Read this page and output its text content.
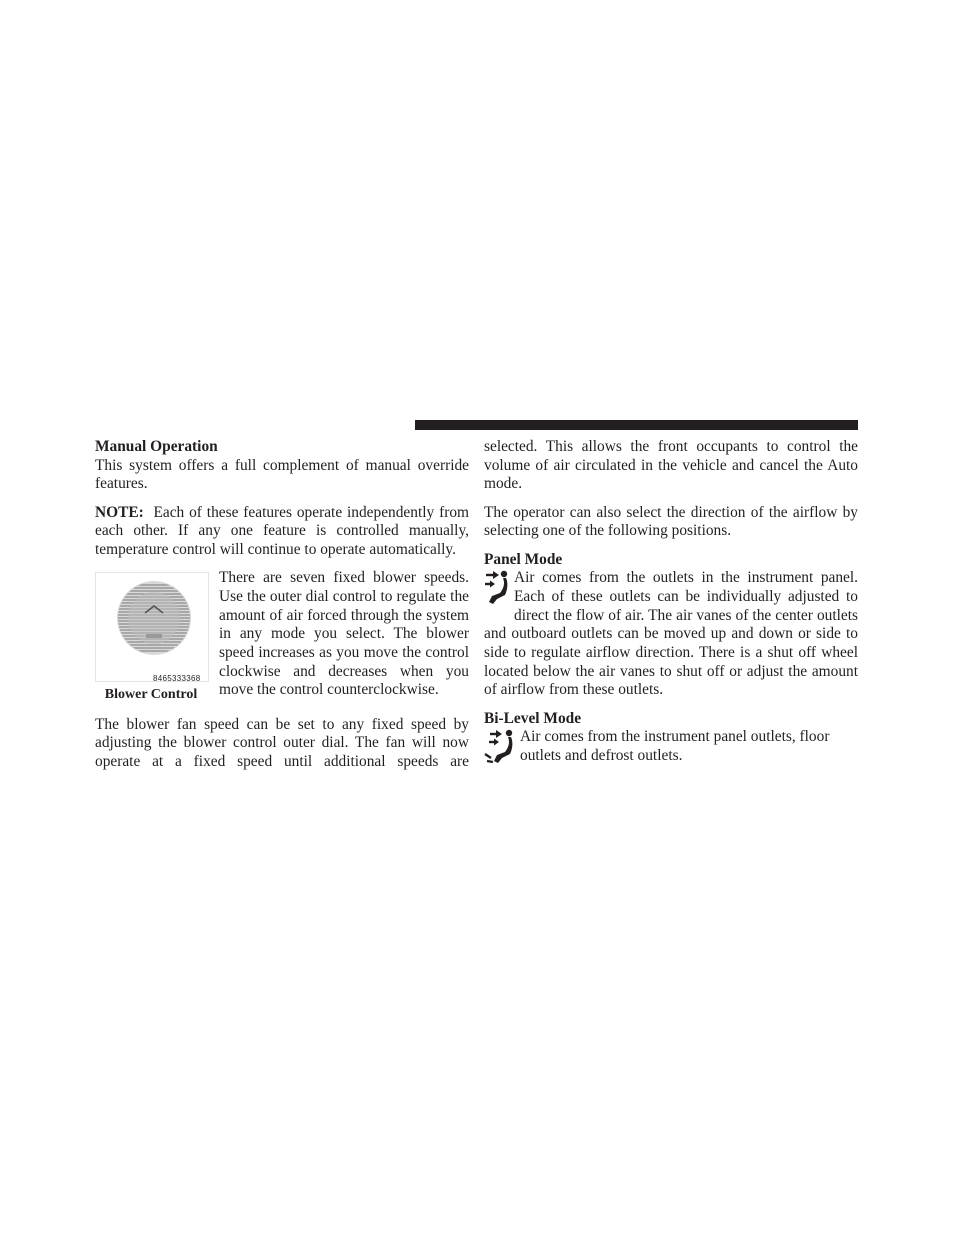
Manual Operation

This system offers a full complement of manual override features.

NOTE: Each of these features operate independently from each other. If any one feature is controlled manually, temperature control will continue to operate automatically.

8465333368
Blower Control

There are seven fixed blower speeds. Use the outer dial control to regulate the amount of air forced through the system in any mode you select. The blower speed increases as you move the control clockwise and decreases when you move the control counterclockwise.

The blower fan speed can be set to any fixed speed by adjusting the blower control outer dial. The fan will now operate at a fixed speed until additional speeds are

selected. This allows the front occupants to control the volume of air circulated in the vehicle and cancel the Auto mode.

The operator can also select the direction of the airflow by selecting one of the following positions.

Panel Mode

Air comes from the outlets in the instrument panel. Each of these outlets can be individually adjusted to direct the flow of air. The air vanes of the center outlets and outboard outlets can be moved up and down or side to side to regulate airflow direction. There is a shut off wheel located below the air vanes to shut off or adjust the amount of airflow from these outlets.

Bi-Level Mode

Air comes from the instrument panel outlets, floor outlets and defrost outlets.
